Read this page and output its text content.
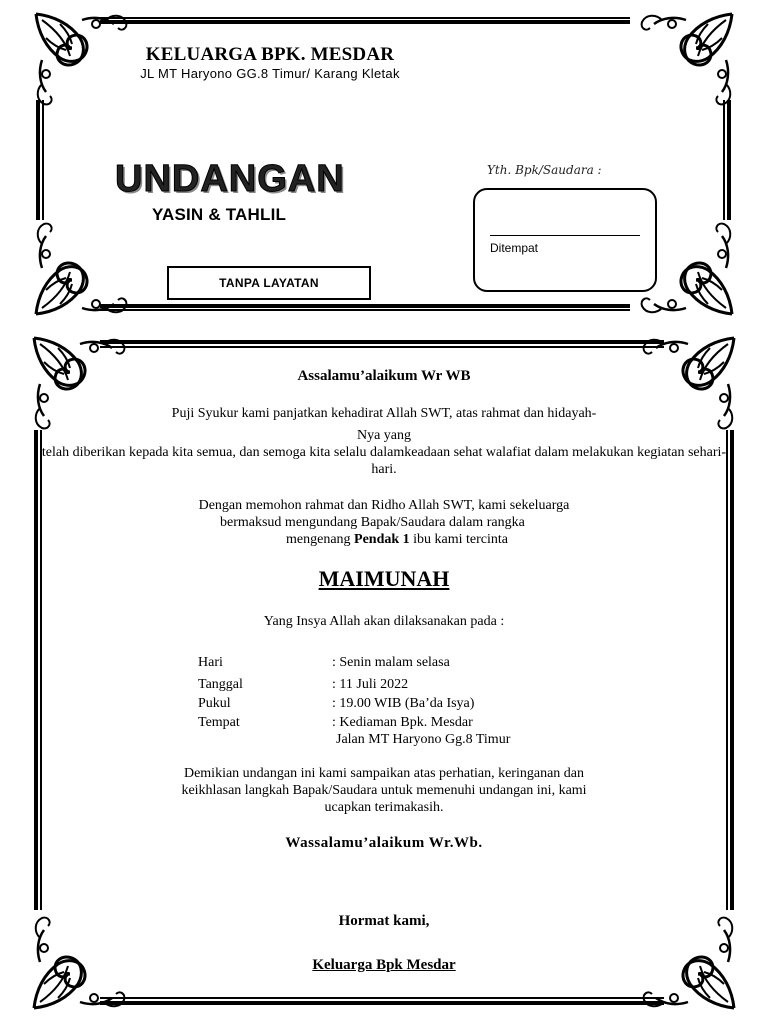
KELUARGA BPK. MESDAR
JL MT Haryono GG.8 Timur/ Karang Kletak
UNDANGAN
YASIN & TAHLIL
TANPA LAYATAN
Yth. Bpk/Saudara :
Ditempat
Assalamu’alaikum Wr WB
Puji Syukur kami panjatkan kehadirat Allah SWT, atas rahmat dan hidayah-
Nya yang
telah diberikan kepada kita semua, dan semoga kita selalu dalamkeadaan sehat walafiat dalam melakukan kegiatan sehari-hari.
Dengan memohon rahmat dan Ridho Allah SWT, kami sekeluarga
bermaksud mengundang Bapak/Saudara dalam rangka
mengenang Pendak 1 ibu kami tercinta
MAIMUNAH
Yang Insya Allah akan dilaksanakan pada :
Hari	: Senin malam selasa
Tanggal	: 11 Juli 2022
Pukul	: 19.00 WIB (Ba’da Isya)
Tempat	: Kediaman Bpk. Mesdar
Jalan MT Haryono Gg.8 Timur
Demikian undangan ini kami sampaikan atas perhatian, keringanan dan
keikhlasan langkah Bapak/Saudara untuk memenuhi undangan ini, kami
ucapkan terimakasih.
Wassalamu’alaikum Wr.Wb.
Hormat kami,
Keluarga Bpk Mesdar
